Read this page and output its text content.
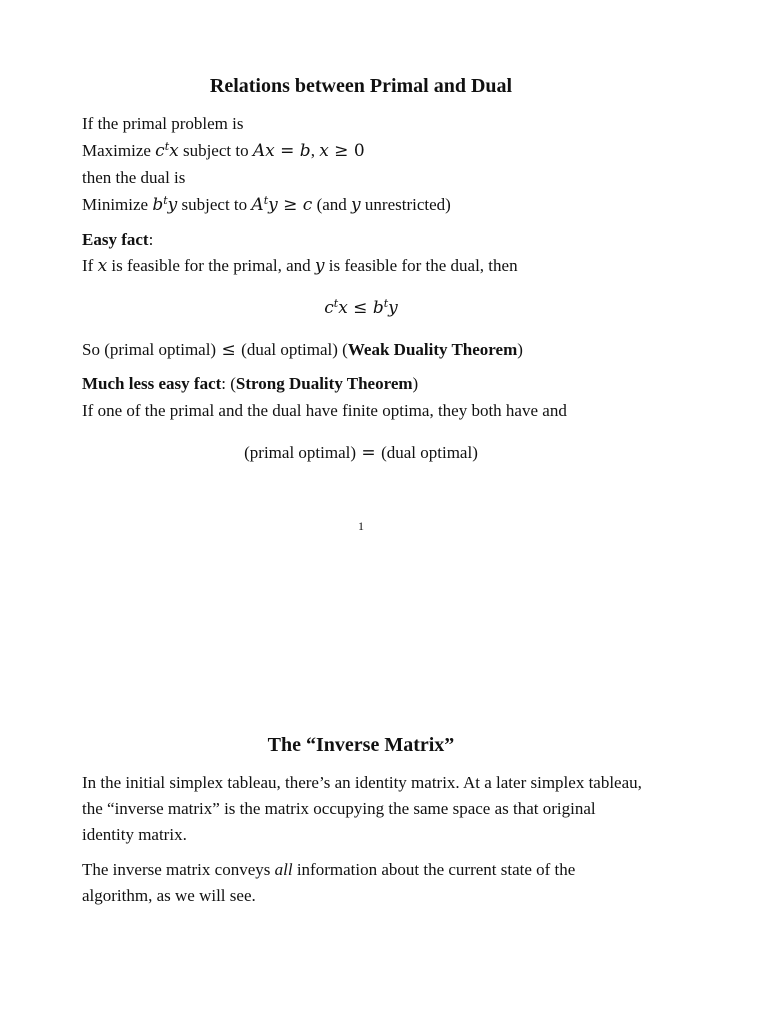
Relations between Primal and Dual

If the primal problem is

Maximize $c^tx$ subject to Ax = b, x ≥ 0

then the dual is

Minimize $b^ty$ subject to $A^ty \ge c$ (and y unrestricted)

Easy fact:

If x is feasible for the primal, and y is feasible for the dual, then

$c^tx \le b^ty$

So (primal optimal) ≤ (dual optimal) (Weak Duality Theorem)

Much less easy fact: (Strong Duality Theorem)

If one of the primal and the dual have finite optima, they both have and

(primal optimal) = (dual optimal)
1
The “Inverse Matrix”

In the initial simplex tableau, there’s an identity matrix. At a later simplex tableau, the “inverse matrix” is the matrix occupying the same space as that original identity matrix.

The inverse matrix conveys all information about the current state of the algorithm, as we will see.
